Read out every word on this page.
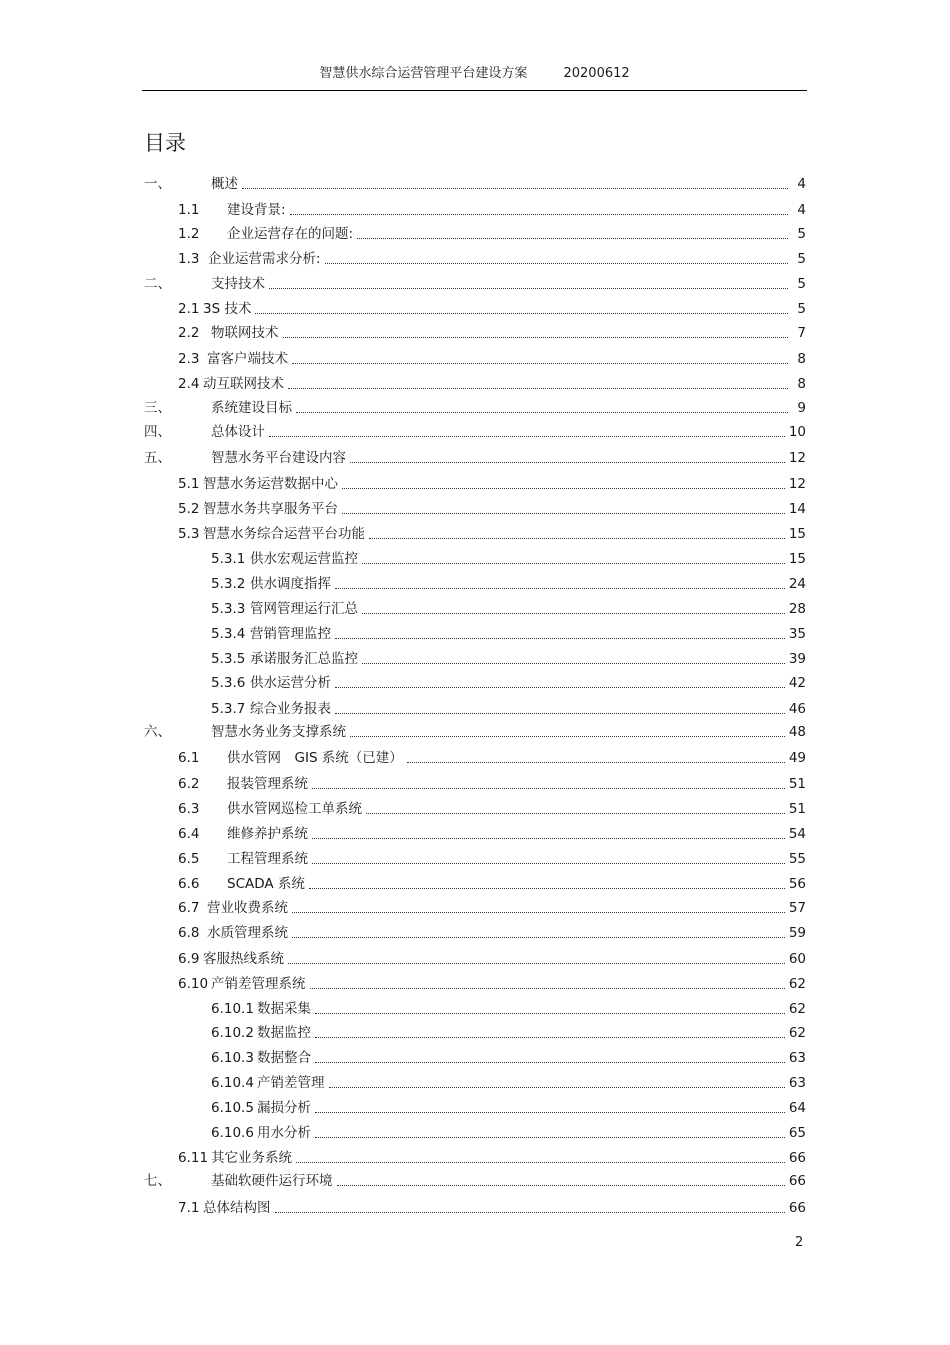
智慧供水综合运营管理平台建设方案	20200612
目录
一、	概述	4
1.1	建设背景:	4
1.2	企业运营存在的问题:	5
1.3 企业运营需求分析:	5
二、	支持技术	5
2.1 3S 技术	5
2.2 物联网技术	7
2.3 富客户端技术	8
2.4 动互联网技术	8
三、	系统建设目标	9
四、	总体设计	10
五、	智慧水务平台建设内容	12
5.1 智慧水务运营数据中心	12
5.2 智慧水务共享服务平台	14
5.3 智慧水务综合运营平台功能	15
5.3.1 供水宏观运营监控	15
5.3.2 供水调度指挥	24
5.3.3 管网管理运行汇总	28
5.3.4 营销管理监控	35
5.3.5 承诺服务汇总监控	39
5.3.6 供水运营分析	42
5.3.7 综合业务报表	46
六、	智慧水务业务支撑系统	48
6.1	供水管网　GIS 系统（已建）	49
6.2	报装管理系统	51
6.3	供水管网巡检工单系统	51
6.4	维修养护系统	54
6.5	工程管理系统	55
6.6	SCADA 系统	56
6.7 营业收费系统	57
6.8 水质管理系统	59
6.9 客服热线系统	60
6.10 产销差管理系统	62
6.10.1 数据采集	62
6.10.2 数据监控	62
6.10.3 数据整合	63
6.10.4 产销差管理	63
6.10.5 漏损分析	64
6.10.6 用水分析	65
6.11 其它业务系统	66
七、	基础软硬件运行环境	66
7.1 总体结构图	66
2
